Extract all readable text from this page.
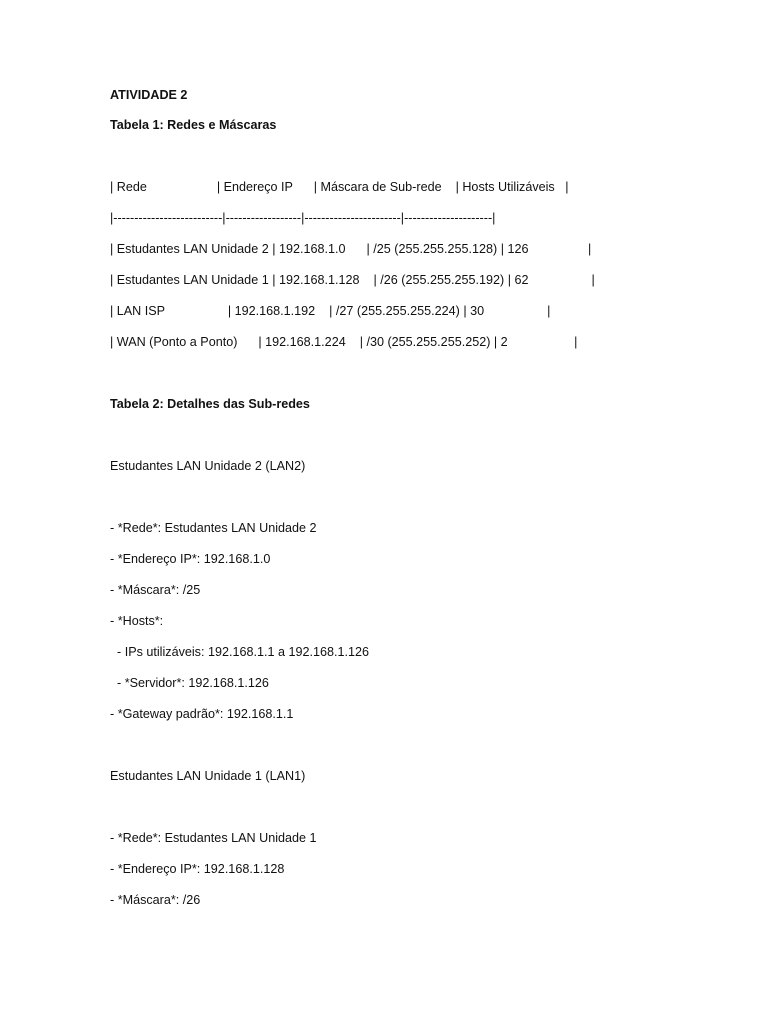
ATIVIDADE 2

Tabela 1: Redes e Máscaras

| Rede                    | Endereço IP      | Máscara de Sub-rede    | Hosts Utilizáveis   |

|--------------------------|------------------|-----------------------|---------------------|

| Estudantes LAN Unidade 2 | 192.168.1.0      | /25 (255.255.255.128) | 126                 |

| Estudantes LAN Unidade 1 | 192.168.1.128    | /26 (255.255.255.192) | 62                  |

| LAN ISP                  | 192.168.1.192    | /27 (255.255.255.224) | 30                  |

| WAN (Ponto a Ponto)      | 192.168.1.224    | /30 (255.255.255.252) | 2                   |

Tabela 2: Detalhes das Sub-redes

Estudantes LAN Unidade 2 (LAN2)

- *Rede*: Estudantes LAN Unidade 2

- *Endereço IP*: 192.168.1.0

- *Máscara*: /25

- *Hosts*:

- IPs utilizáveis: 192.168.1.1 a 192.168.1.126

- *Servidor*: 192.168.1.126

- *Gateway padrão*: 192.168.1.1

Estudantes LAN Unidade 1 (LAN1)

- *Rede*: Estudantes LAN Unidade 1

- *Endereço IP*: 192.168.1.128

- *Máscara*: /26
